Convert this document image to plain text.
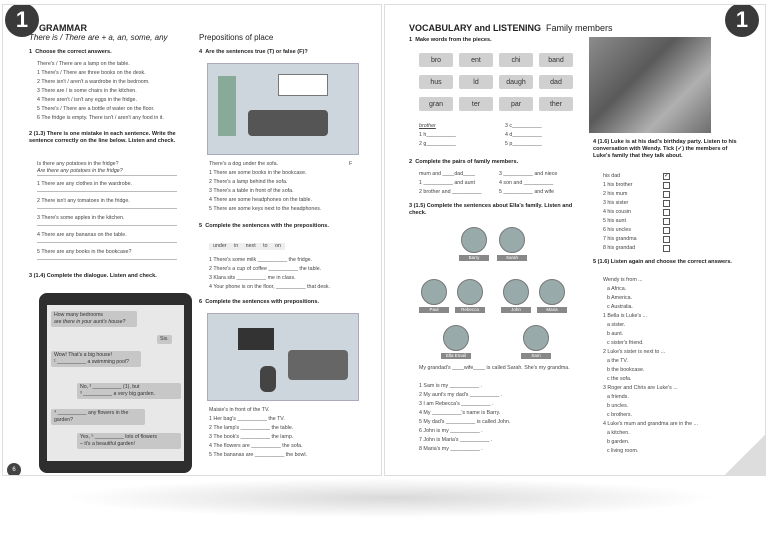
1	GRAMMAR
There is / There are + a, an, some, any	Prepositions of place
1 Choose the correct answers.
There's / There are a lamp on the table.
1 There's / There are three books on the desk.
2 There isn't / aren't a wardrobe in the bedroom.
3 There are / is some chairs in the kitchen.
4 There aren't / isn't any eggs in the fridge.
5 There's / There are a bottle of water on the floor.
6 The fridge is empty. There isn't / aren't any food in it.
2 (1.3) There is one mistake in each sentence. Write the sentence correctly on the line below. Listen and check.
Is there any potatoes in the fridge?
Are there any potatoes in the fridge?
1 There are any clothes in the wardrobe.
2 There isn't any tomatoes in the fridge.
3 There's some apples in the kitchen.
4 There are any bananas on the table.
5 There are any books in the bookcase?
3 (1.4) Complete the dialogue. Listen and check.
How many bedrooms
are there in your aunt's house?
Six.
Wow! That's a big house!
¹ __________ a swimming pool?
No, ² __________ (1), but
³ __________ a very big garden.
⁴ __________ any flowers in the garden?
Yes, ⁵ __________ lots of flowers
– it's a beautiful garden!
4 Are the sentences true (T) or false (F)?
There's a dog under the sofa.	F
1 There are some books in the bookcase.
2 There's a lamp behind the sofa.
3 There's a table in front of the sofa.
4 There are some headphones on the table.
5 There are some keys next to the headphones.
5 Complete the sentences with the prepositions.
under in next to on
1 There's some milk __________ the fridge.
2 There's a cup of coffee __________ the table.
3 Klara sits __________ me in class.
4 Your phone is on the floor, __________ that desk.
6 Complete the sentences with prepositions.
Maisie's in front of the TV.
1 Her bag's __________ the TV.
2 The lamp's __________ the table.
3 The book's __________ the lamp.
4 The flowers are __________ the sofa.
5 The bananas are __________ the bowl.
6
1
VOCABULARY and LISTENING Family members
1 Make words from the pieces.
bro	ent	chi	band
hus	ld	daugh	dad
gran	ter	par	ther
brother
1 h__________
2 g__________
3 c__________
4 d__________
5 p__________
2 Complete the pairs of family members.
mum and ____dad____	3 __________ and niece
1 __________ and aunt	4 son and __________
2 brother and __________	5 __________ and wife
3 (1.5) Complete the sentences about Ella's family. Listen and check.
Barry	Sarah
Paul	Rebecca	John	Maria
Ella Email	Sam
My grandad's ____wife____ is called Sarah. She's my grandma.
1 Sam is my __________ .
2 My aunt's my dad's __________ .
3 I am Rebecca's __________ .
4 My __________'s name is Barry.
5 My dad's __________ is called John.
6 John is my __________ .
7 John is Maria's __________ .
8 Maria's my __________ .
4 (1.6) Luke is at his dad's birthday party. Listen to his conversation with Wendy. Tick (✓) the members of Luke's family that they talk about.
his dad	✓
1 his brother
2 his mum
3 his sister
4 his cousin
5 his aunt
6 his uncles
7 his grandma
8 his grandad
5 (1.6) Listen again and choose the correct answers.
Wendy is from ...
a Africa.
b America.
c Australia.
1 Bella is Luke's ...
a sister.
b aunt.
c sister's friend.
2 Luke's sister is next to ...
a the TV.
b the bookcase.
c the sofa.
3 Roger and Chris are Luke's ...
a friends.
b uncles.
c brothers.
4 Luke's mum and grandma are in the ...
a kitchen.
b garden.
c living room.
